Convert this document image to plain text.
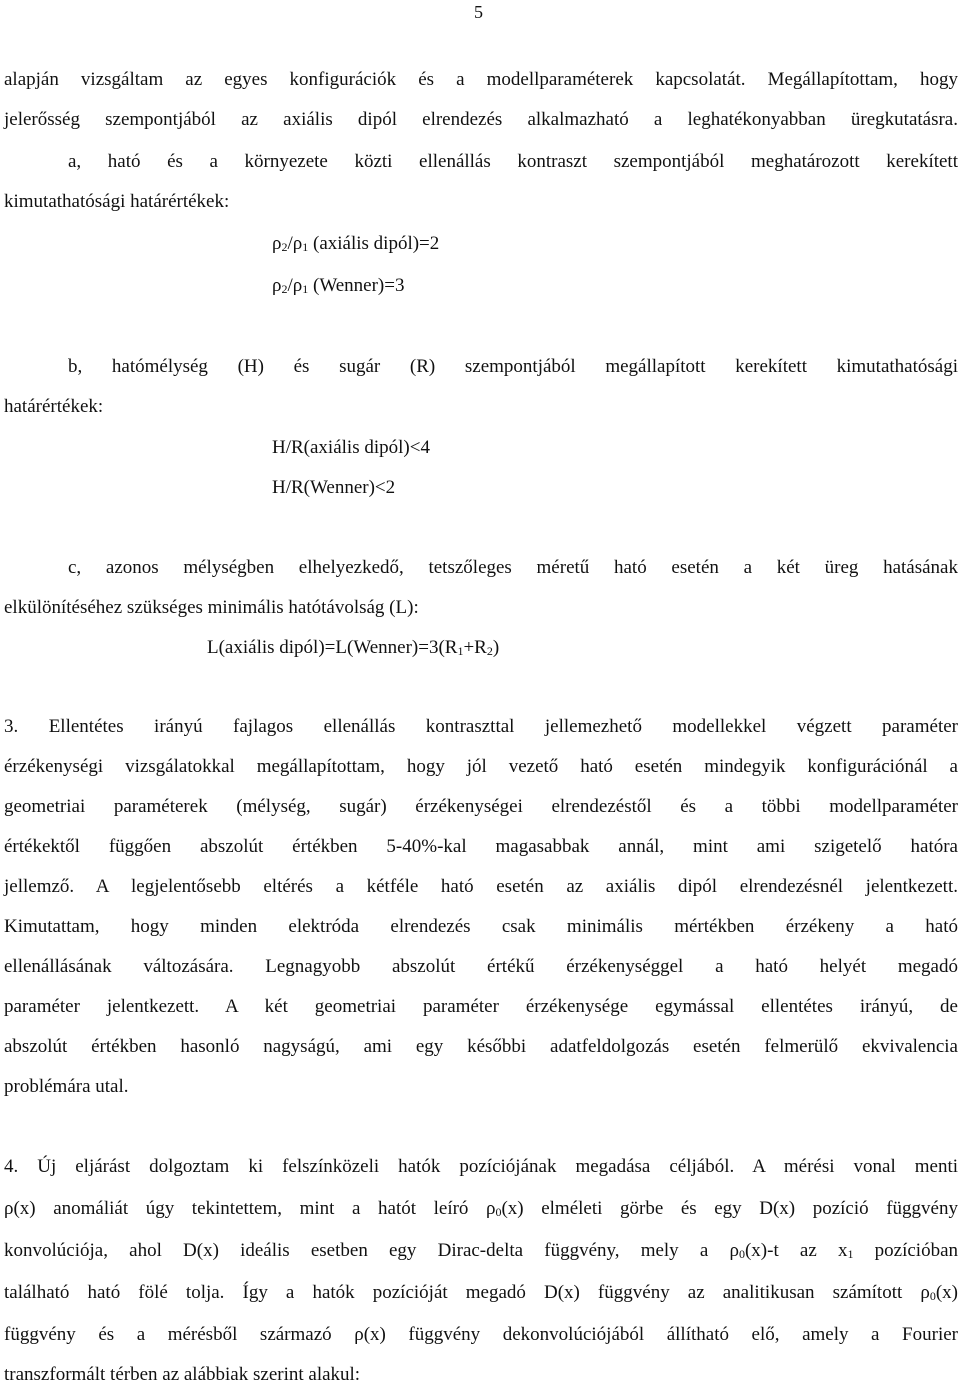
5
alapján vizsgáltam az egyes konfigurációk és a modellparaméterek kapcsolatát. Megállapítottam, hogy
jelerősség szempontjából az axiális dipól elrendezés alkalmazható a leghatékonyabban üregkutatásra.
a, ható és a környezete közti ellenállás kontraszt szempontjából meghatározott kerekített
kimutathatósági határértékek:
$\rho_2/\rho_1$ (axiális dipól)=2
$\rho_2/\rho_1$ (Wenner)=3
b, hatómélység (H) és sugár (R) szempontjából megállapított kerekített kimutathatósági
határértékek:
H/R(axiális dipól)<4
H/R(Wenner)<2
c, azonos mélységben elhelyezkedő, tetszőleges méretű ható esetén a két üreg hatásának
elkülönítéséhez szükséges minimális hatótávolság (L):
L(axiális $dipól)=L(Wenner)=3(R_1+R_2)$
3. Ellentétes irányú fajlagos ellenállás kontraszttal jellemezhető modellekkel végzett paraméter
érzékenységi vizsgálatokkal megállapítottam, hogy jól vezető ható esetén mindegyik konfigurációnál a
geometriai paraméterek (mélység, sugár) érzékenységei elrendezéstől és a többi modellparaméter
értékektől függően abszolút értékben 5-40%-kal magasabbak annál, mint ami szigetelő hatóra
jellemző. A legjelentősebb eltérés a kétféle ható esetén az axiális dipól elrendezésnél jelentkezett.
Kimutattam, hogy minden elektróda elrendezés csak minimális mértékben érzékeny a ható
ellenállásának változására. Legnagyobb abszolút értékű érzékenységgel a ható helyét megadó
paraméter jelentkezett. A két geometriai paraméter érzékenysége egymással ellentétes irányú, de
abszolút értékben hasonló nagyságú, ami egy későbbi adatfeldolgozás esetén felmerülő ekvivalencia
problémára utal.
4. Új eljárást dolgoztam ki felszínközeli hatók pozíciójának megadása céljából. A mérési vonal menti
ρ(x) anomáliát úgy tekintettem, mint a hatót leíró $\rho_0(x)$ elméleti görbe és egy D(x) pozíció függvény
konvolúciója, ahol D(x) ideális esetben egy Dirac-delta függvény, mely a $\rho_0(x)-t$ az $x_1$ pozícióban
található ható fölé tolja. Így a hatók pozícióját megadó D(x) függvény az analitikusan számított $\rho_0(x)$
függvény és a mérésből származó ρ(x) függvény dekonvolúciójából állítható elő, amely a Fourier
transzformált térben az alábbiak szerint alakul:
